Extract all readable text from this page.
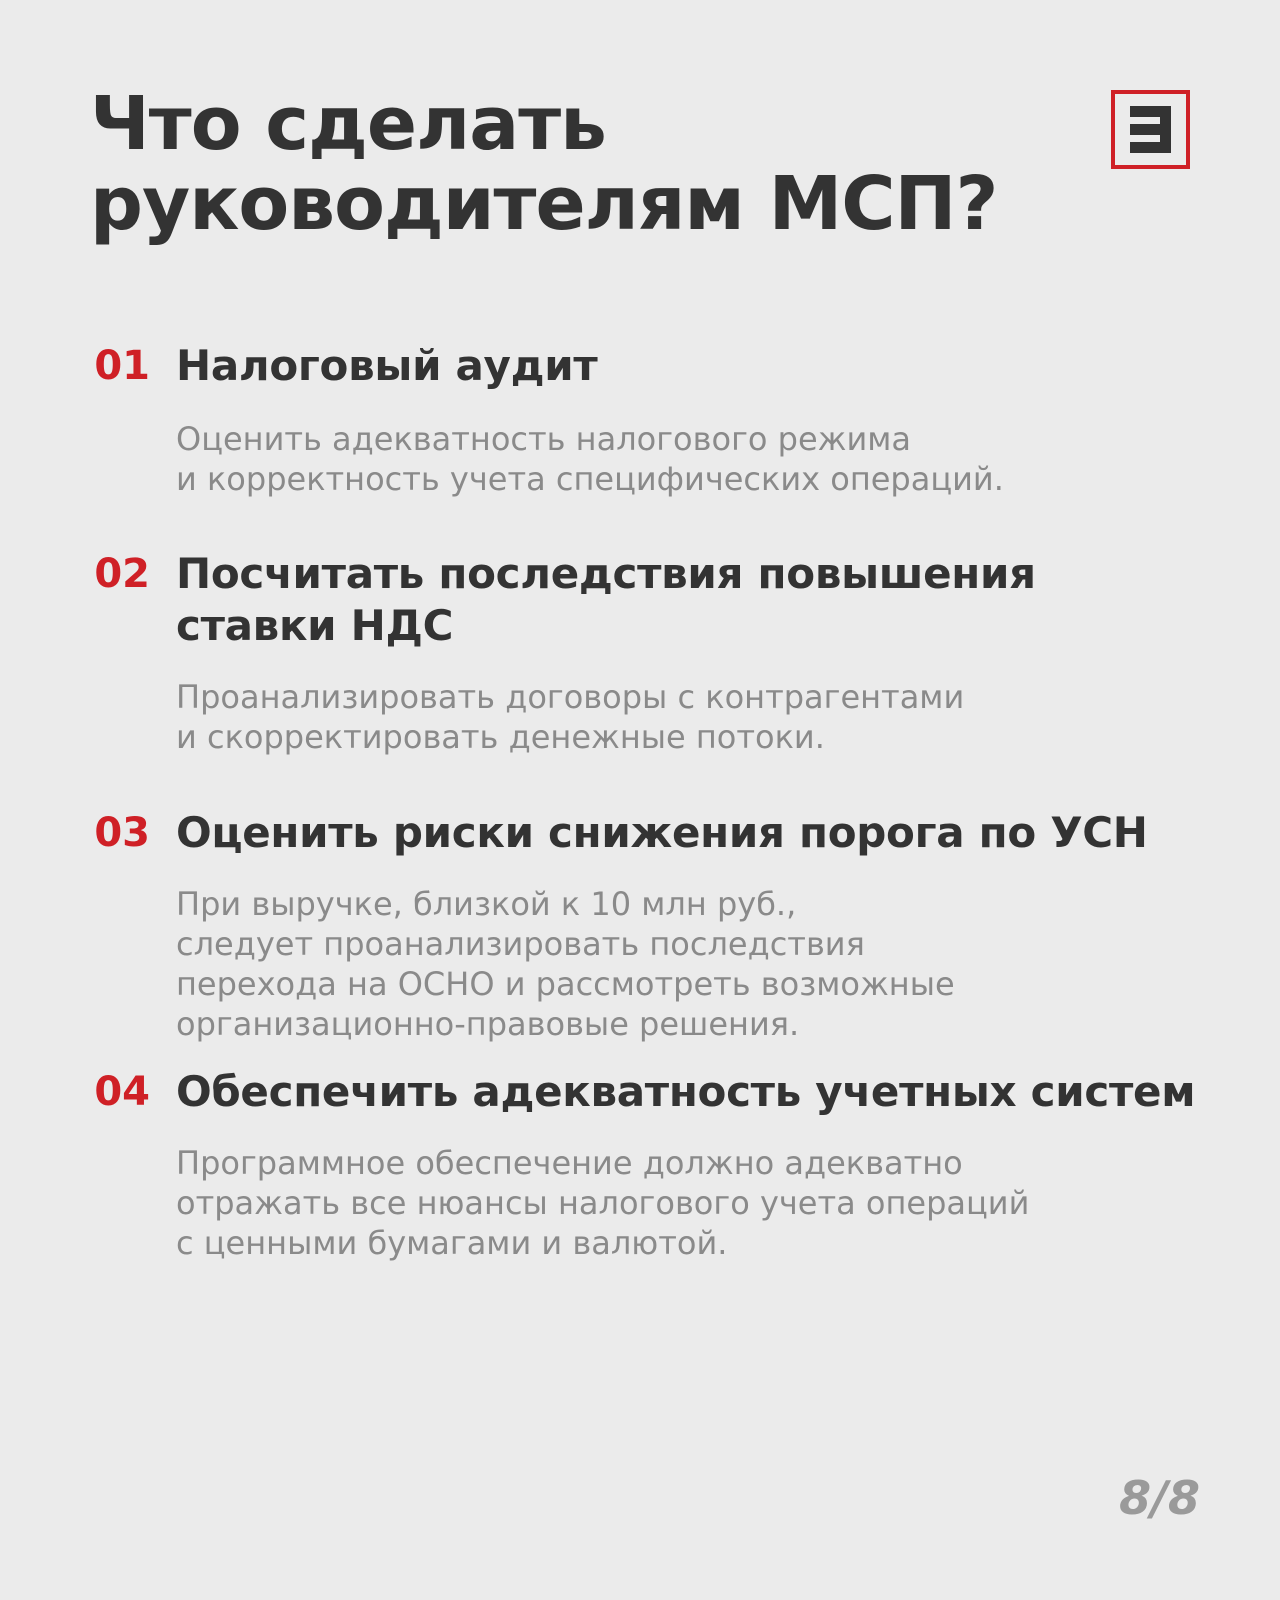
Что сделать
руководителям МСП?
01 Налоговый аудит
Оценить адекватность налогового режима
и корректность учета специфических операций.
02 Посчитать последствия повышения
ставки НДС
Проанализировать договоры с контрагентами
и скорректировать денежные потоки.
03 Оценить риски снижения порога по УСН
При выручке, близкой к 10 млн руб.,
следует проанализировать последствия
перехода на ОСНО и рассмотреть возможные
организационно-правовые решения.
04 Обеспечить адекватность учетных систем
Программное обеспечение должно адекватно
отражать все нюансы налогового учета операций
с ценными бумагами и валютой.
8/8
